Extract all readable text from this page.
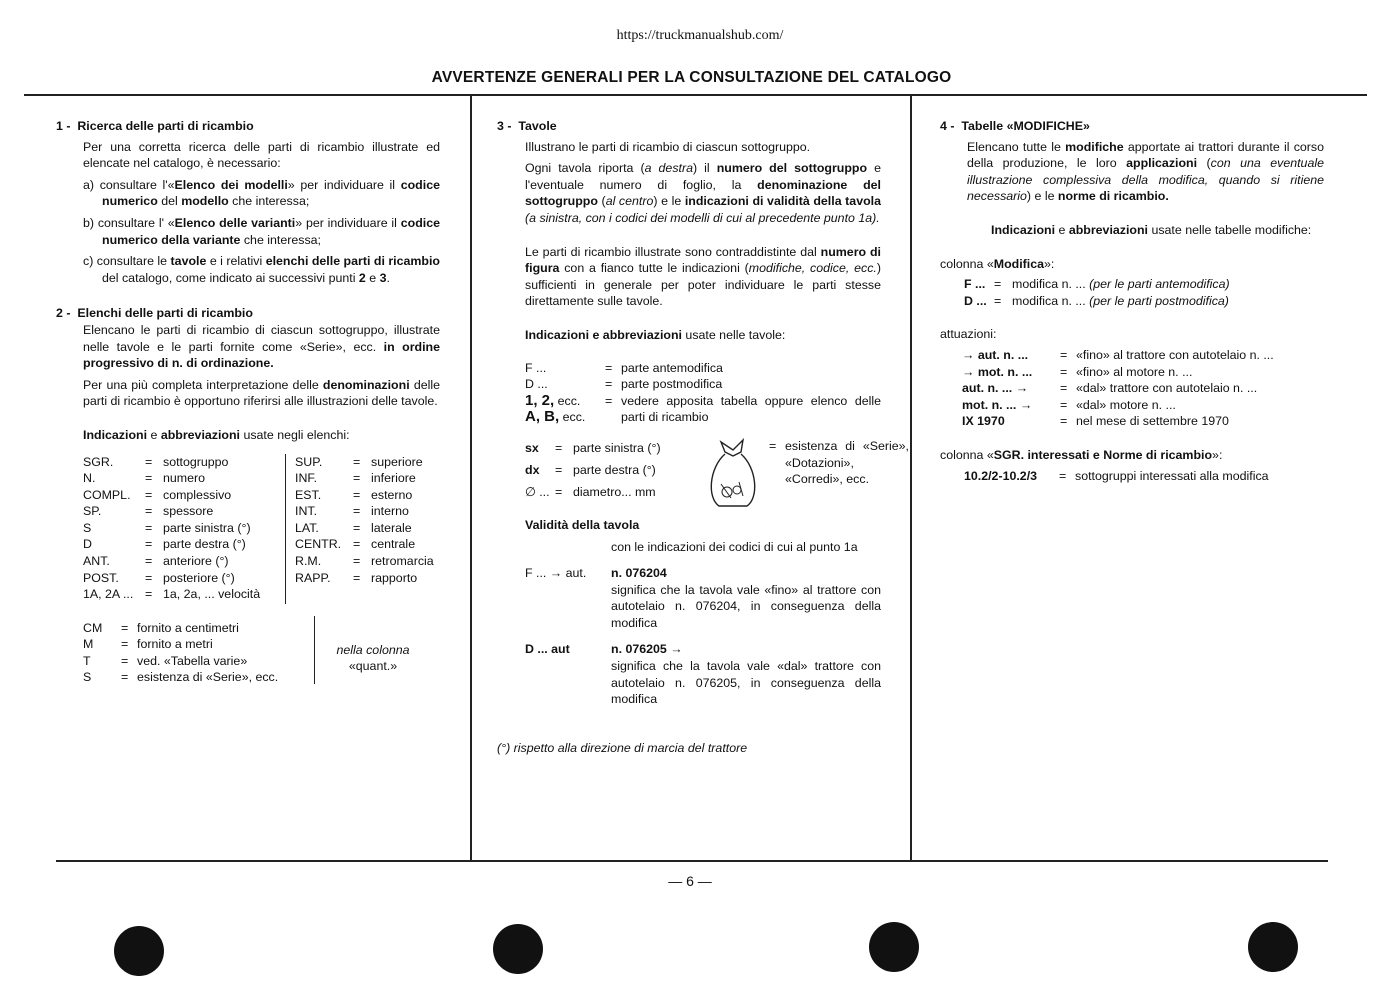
https://truckmanualshub.com/
AVVERTENZE GENERALI PER LA CONSULTAZIONE DEL CATALOGO
1 - Ricerca delle parti di ricambio
Per una corretta ricerca delle parti di ricambio illustrate ed elencate nel catalogo, è necessario:
a) consultare l'«Elenco dei modelli» per individuare il codice numerico del modello che interessa;
b) consultare l' «Elenco delle varianti» per individuare il codice numerico della variante che interessa;
c) consultare le tavole e i relativi elenchi delle parti di ricambio del catalogo, come indicato ai successivi punti 2 e 3.
2 - Elenchi delle parti di ricambio
Elencano le parti di ricambio di ciascun sottogruppo, illustrate nelle tavole e le parti fornite come «Serie», ecc. in ordine progressivo di n. di ordinazione.
Per una più completa interpretazione delle denominazioni delle parti di ricambio è opportuno riferirsi alle illustrazioni delle tavole.
Indicazioni e abbreviazioni usate negli elenchi:
SGR.	=	sottogruppo
N.	=	numero
COMPL.	=	complessivo
SP.	=	spessore
S	=	parte sinistra (°)
D	=	parte destra (°)
ANT.	=	anteriore (°)
POST.	=	posteriore (°)
1A, 2A ...	=	1a, 2a, ... velocità
SUP.	=	superiore
INF.	=	inferiore
EST.	=	esterno
INT.	=	interno
LAT.	=	laterale
CENTR.	=	centrale
R.M.	=	retromarcia
RAPP.	=	rapporto
CM	=	fornito a centimetri
M	=	fornito a metri
T	=	ved. «Tabella varie»
S	=	esistenza di «Serie», ecc.
nella colonna
«quant.»
3 - Tavole
Illustrano le parti di ricambio di ciascun sottogruppo.
Ogni tavola riporta (a destra) il numero del sottogruppo e l'eventuale numero di foglio, la denominazione del sottogruppo (al centro) e le indicazioni di validità della tavola (a sinistra, con i codici dei modelli di cui al precedente punto 1a).
Le parti di ricambio illustrate sono contraddistinte dal numero di figura con a fianco tutte le indicazioni (modifiche, codice, ecc.) sufficienti in generale per poter individuare le parti stesse direttamente sulle tavole.
Indicazioni e abbreviazioni usate nelle tavole:
F ...	=	parte antemodifica
D ...	=	parte postmodifica
1, 2, ecc.
A, B, ecc.	=	vedere apposita tabella oppure elenco delle parti di ricambio
sx	=	parte sinistra (°)
dx	=	parte destra (°)
∅ ...	=	diametro... mm
=	esistenza di «Serie», «Dotazioni», «Corredi», ecc.
Validità della tavola
	con le indicazioni dei codici di cui al punto 1a
F ... → aut.	n. 076204
significa che la tavola vale «fino» al trattore con autotelaio n. 076204, in conseguenza della modifica
D ... aut	n. 076205 →
significa che la tavola vale «dal» trattore con autotelaio n. 076205, in conseguenza della modifica
(°) rispetto alla direzione di marcia del trattore
4 - Tabelle «MODIFICHE»
Elencano tutte le modifiche apportate ai trattori durante il corso della produzione, le loro applicazioni (con una eventuale illustrazione complessiva della modifica, quando si ritiene necessario) e le norme di ricambio.
Indicazioni e abbreviazioni usate nelle tabelle modifiche:
colonna «Modifica»:
F ...	=	modifica n. ... (per le parti antemodifica)
D ...	=	modifica n. ... (per le parti postmodifica)
attuazioni:
→ aut. n. ...	=	«fino» al trattore con autotelaio n. ...
→ mot. n. ...	=	«fino» al motore n. ...
aut. n. ... →	=	«dal» trattore con autotelaio n. ...
mot. n. ... →	=	«dal» motore n. ...
IX 1970	=	nel mese di settembre 1970
colonna «SGR. interessati e Norme di ricambio»:
10.2/2-10.2/3	=	sottogruppi interessati alla modifica
— 6 —
